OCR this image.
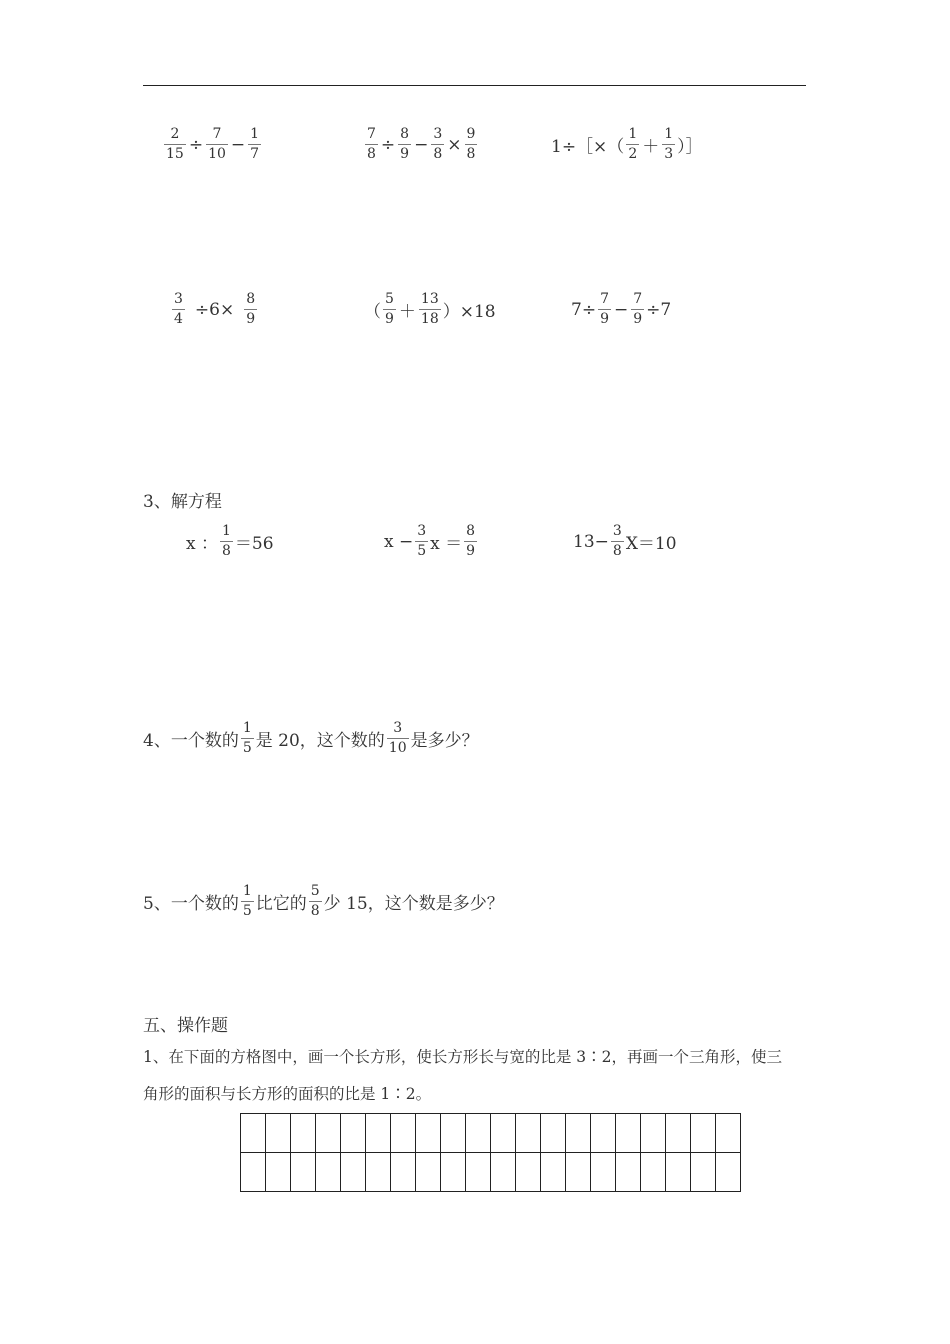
$\frac{2}{15} \div \frac{7}{10} - \frac{1}{7}$	$\frac{7}{8} \div \frac{8}{9} - \frac{3}{8} \times \frac{9}{8}$	1÷［×（ $\frac{1}{2} + \frac{1}{3}$ ）］
$\frac{3}{4} \div 6\times \frac{8}{9}$	（ $\frac{5}{9} + \frac{13}{18} )\times 18$	$7\div \frac{7}{9} - \frac{7}{9} \div 7$
3、解方程
x ： $\frac{1}{8} =56$	$x - \frac{3}{5}$ $x = \frac{8}{9}$	$13- \frac{3}{8} X=10$
4、一个数的 $\frac{1}{5}$ 是 20，这个数的 $\frac{3}{10}$ 是多少？
5、一个数的 $\frac{1}{5}$ 比它的 $\frac{5}{8}$ 少 15，这个数是多少？
五、操作题
1、在下面的方格图中，画一个长方形，使长方形长与宽的比是 3∶2，再画一个三角形，使三
角形的面积与长方形的面积的比是 1∶2。
